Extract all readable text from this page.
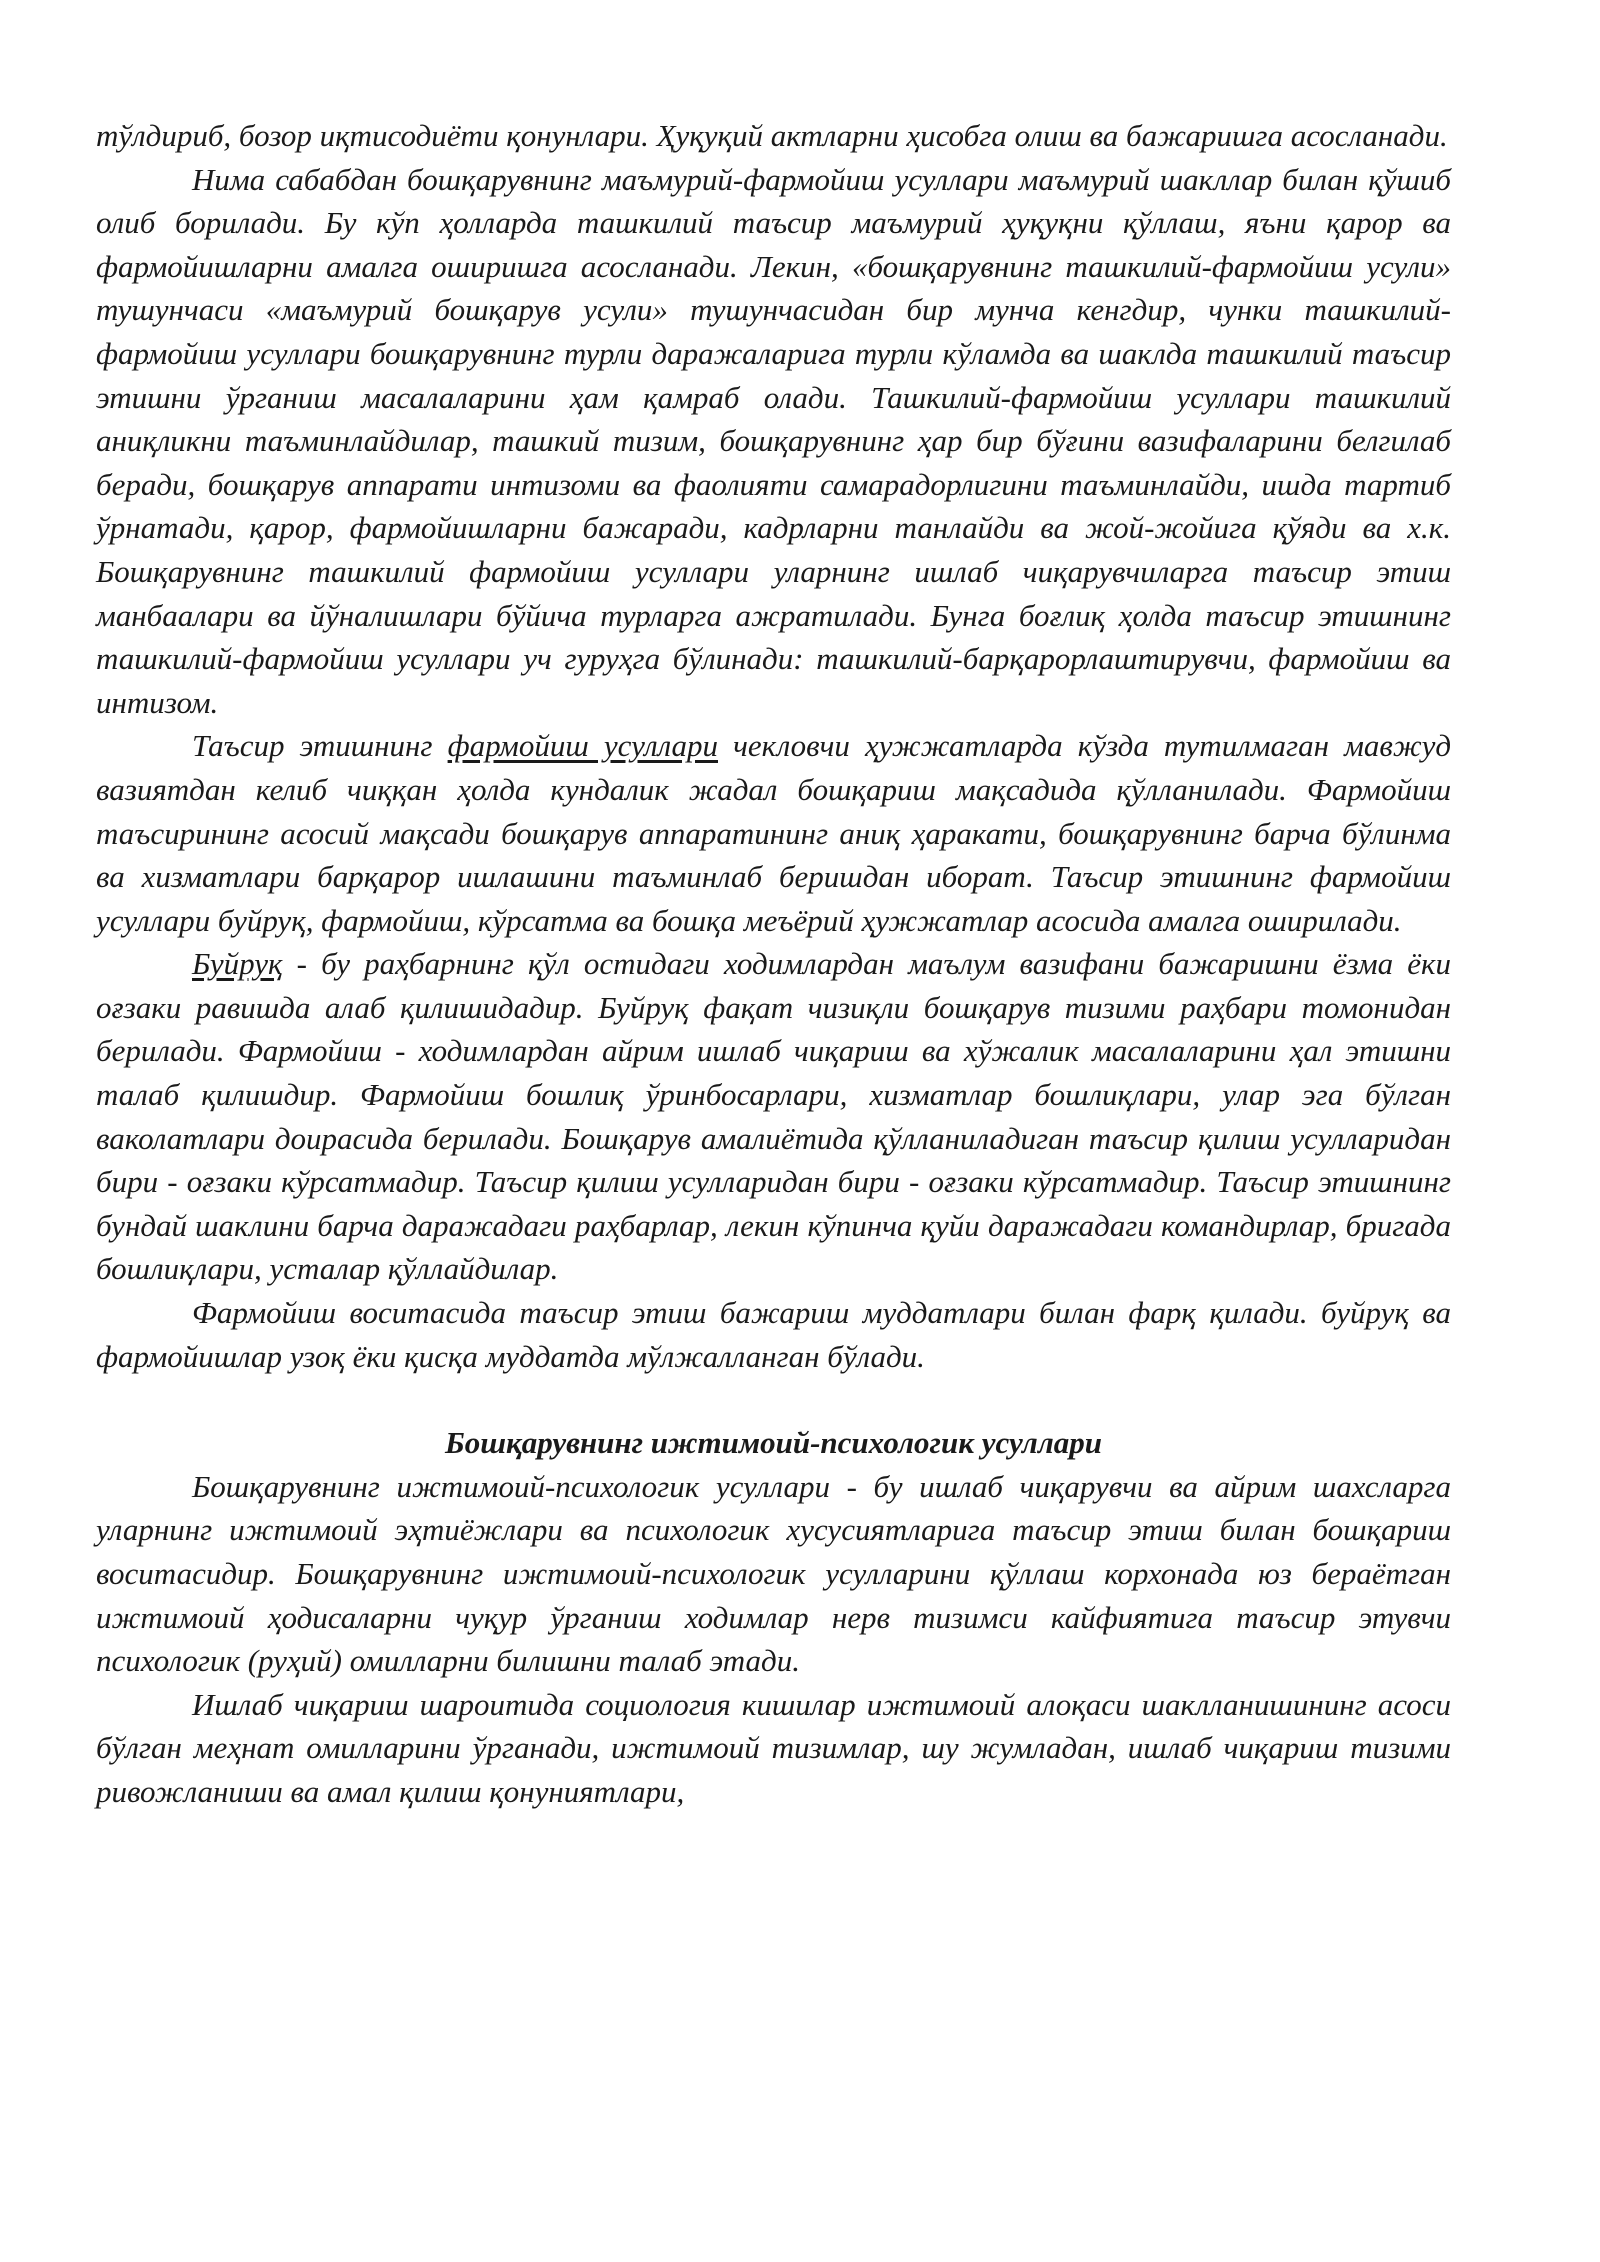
тўлдириб, бозор иқтисодиёти қонунлари. Ҳуқуқий актларни ҳисобга олиш ва бажаришга асосланади.

Нима сабабдан бошқарувнинг маъмурий-фармойиш усуллари маъмурий шакллар билан қўшиб олиб борилади. Бу кўп ҳолларда ташкилий таъсир маъмурий ҳуқуқни қўллаш, яъни қарор ва фармойишларни амалга оширишга асосланади. Лекин, «бошқарувнинг ташкилий-фармойиш усули» тушунчаси «маъмурий бошқарув усули» тушунчасидан бир мунча кенгдир, чунки ташкилий-фармойиш усуллари бошқарувнинг турли даражаларига турли кўламда ва шаклда ташкилий таъсир этишни ўрганиш масалаларини ҳам қамраб олади. Ташкилий-фармойиш усуллари ташкилий аниқликни таъминлайдилар, ташкий тизим, бошқарувнинг ҳар бир бўғини вазифаларини белгилаб беради, бошқарув аппарати интизоми ва фаолияти самарадорлигини таъминлайди, ишда тартиб ўрнатади, қарор, фармойишларни бажаради, кадрларни танлайди ва жой-жойига қўяди ва х.к. Бошқарувнинг ташкилий фармойиш усуллари уларнинг ишлаб чиқарувчиларга таъсир этиш манбаалари ва йўналишлари бўйича турларга ажратилади. Бунга боғлиқ ҳолда таъсир этишнинг ташкилий-фармойиш усуллари уч гуруҳга бўлинади: ташкилий-барқарорлаштирувчи, фармойиш ва интизом.

Таъсир этишнинг фармойиш усуллари чекловчи ҳужжатларда кўзда тутилмаган мавжуд вазиятдан келиб чиққан ҳолда кундалик жадал бошқариш мақсадида қўлланилади. Фармойиш таъсирининг асосий мақсади бошқарув аппаратининг аниқ ҳаракати, бошқарувнинг барча бўлинма ва хизматлари барқарор ишлашини таъминлаб беришдан иборат. Таъсир этишнинг фармойиш усуллари буйруқ, фармойиш, кўрсатма ва бошқа меъёрий ҳужжатлар асосида амалга оширилади.

Буйруқ - бу раҳбарнинг қўл остидаги ходимлардан маълум вазифани бажаришни ёзма ёки оғзаки равишда алаб қилишидадир. Буйруқ фақат чизиқли бошқарув тизими раҳбари томонидан берилади. Фармойиш - ходимлардан айрим ишлаб чиқариш ва хўжалик масалаларини ҳал этишни талаб қилишдир. Фармойиш бошлиқ ўринбосарлари, хизматлар бошлиқлари, улар эга бўлган ваколатлари доирасида берилади. Бошқарув амалиётида қўлланиладиган таъсир қилиш усулларидан бири - оғзаки кўрсатмадир. Таъсир қилиш усулларидан бири - оғзаки кўрсатмадир. Таъсир этишнинг бундай шаклини барча даражадаги раҳбарлар, лекин кўпинча қуйи даражадаги командирлар, бригада бошлиқлари, усталар қўллайдилар.

Фармойиш воситасида таъсир этиш бажариш муддатлари билан фарқ қилади. буйруқ ва фармойишлар узоқ ёки қисқа муддатда мўлжалланган бўлади.

Бошқарувнинг ижтимоий-психологик усуллари

Бошқарувнинг ижтимоий-психологик усуллари - бу ишлаб чиқарувчи ва айрим шахсларга уларнинг ижтимоий эҳтиёжлари ва психологик хусусиятларига таъсир этиш билан бошқариш воситасидир. Бошқарувнинг ижтимоий-психологик усулларини қўллаш корхонада юз бераётган ижтимоий ҳодисаларни чуқур ўрганиш ходимлар нерв тизимси кайфиятига таъсир этувчи психологик (руҳий) омилларни билишни талаб этади.

Ишлаб чиқариш шароитида социология кишилар ижтимоий алоқаси шаклланишининг асоси бўлган меҳнат омилларини ўрганади, ижтимоий тизимлар, шу жумладан, ишлаб чиқариш тизими ривожланиши ва амал қилиш қонуниятлари,
